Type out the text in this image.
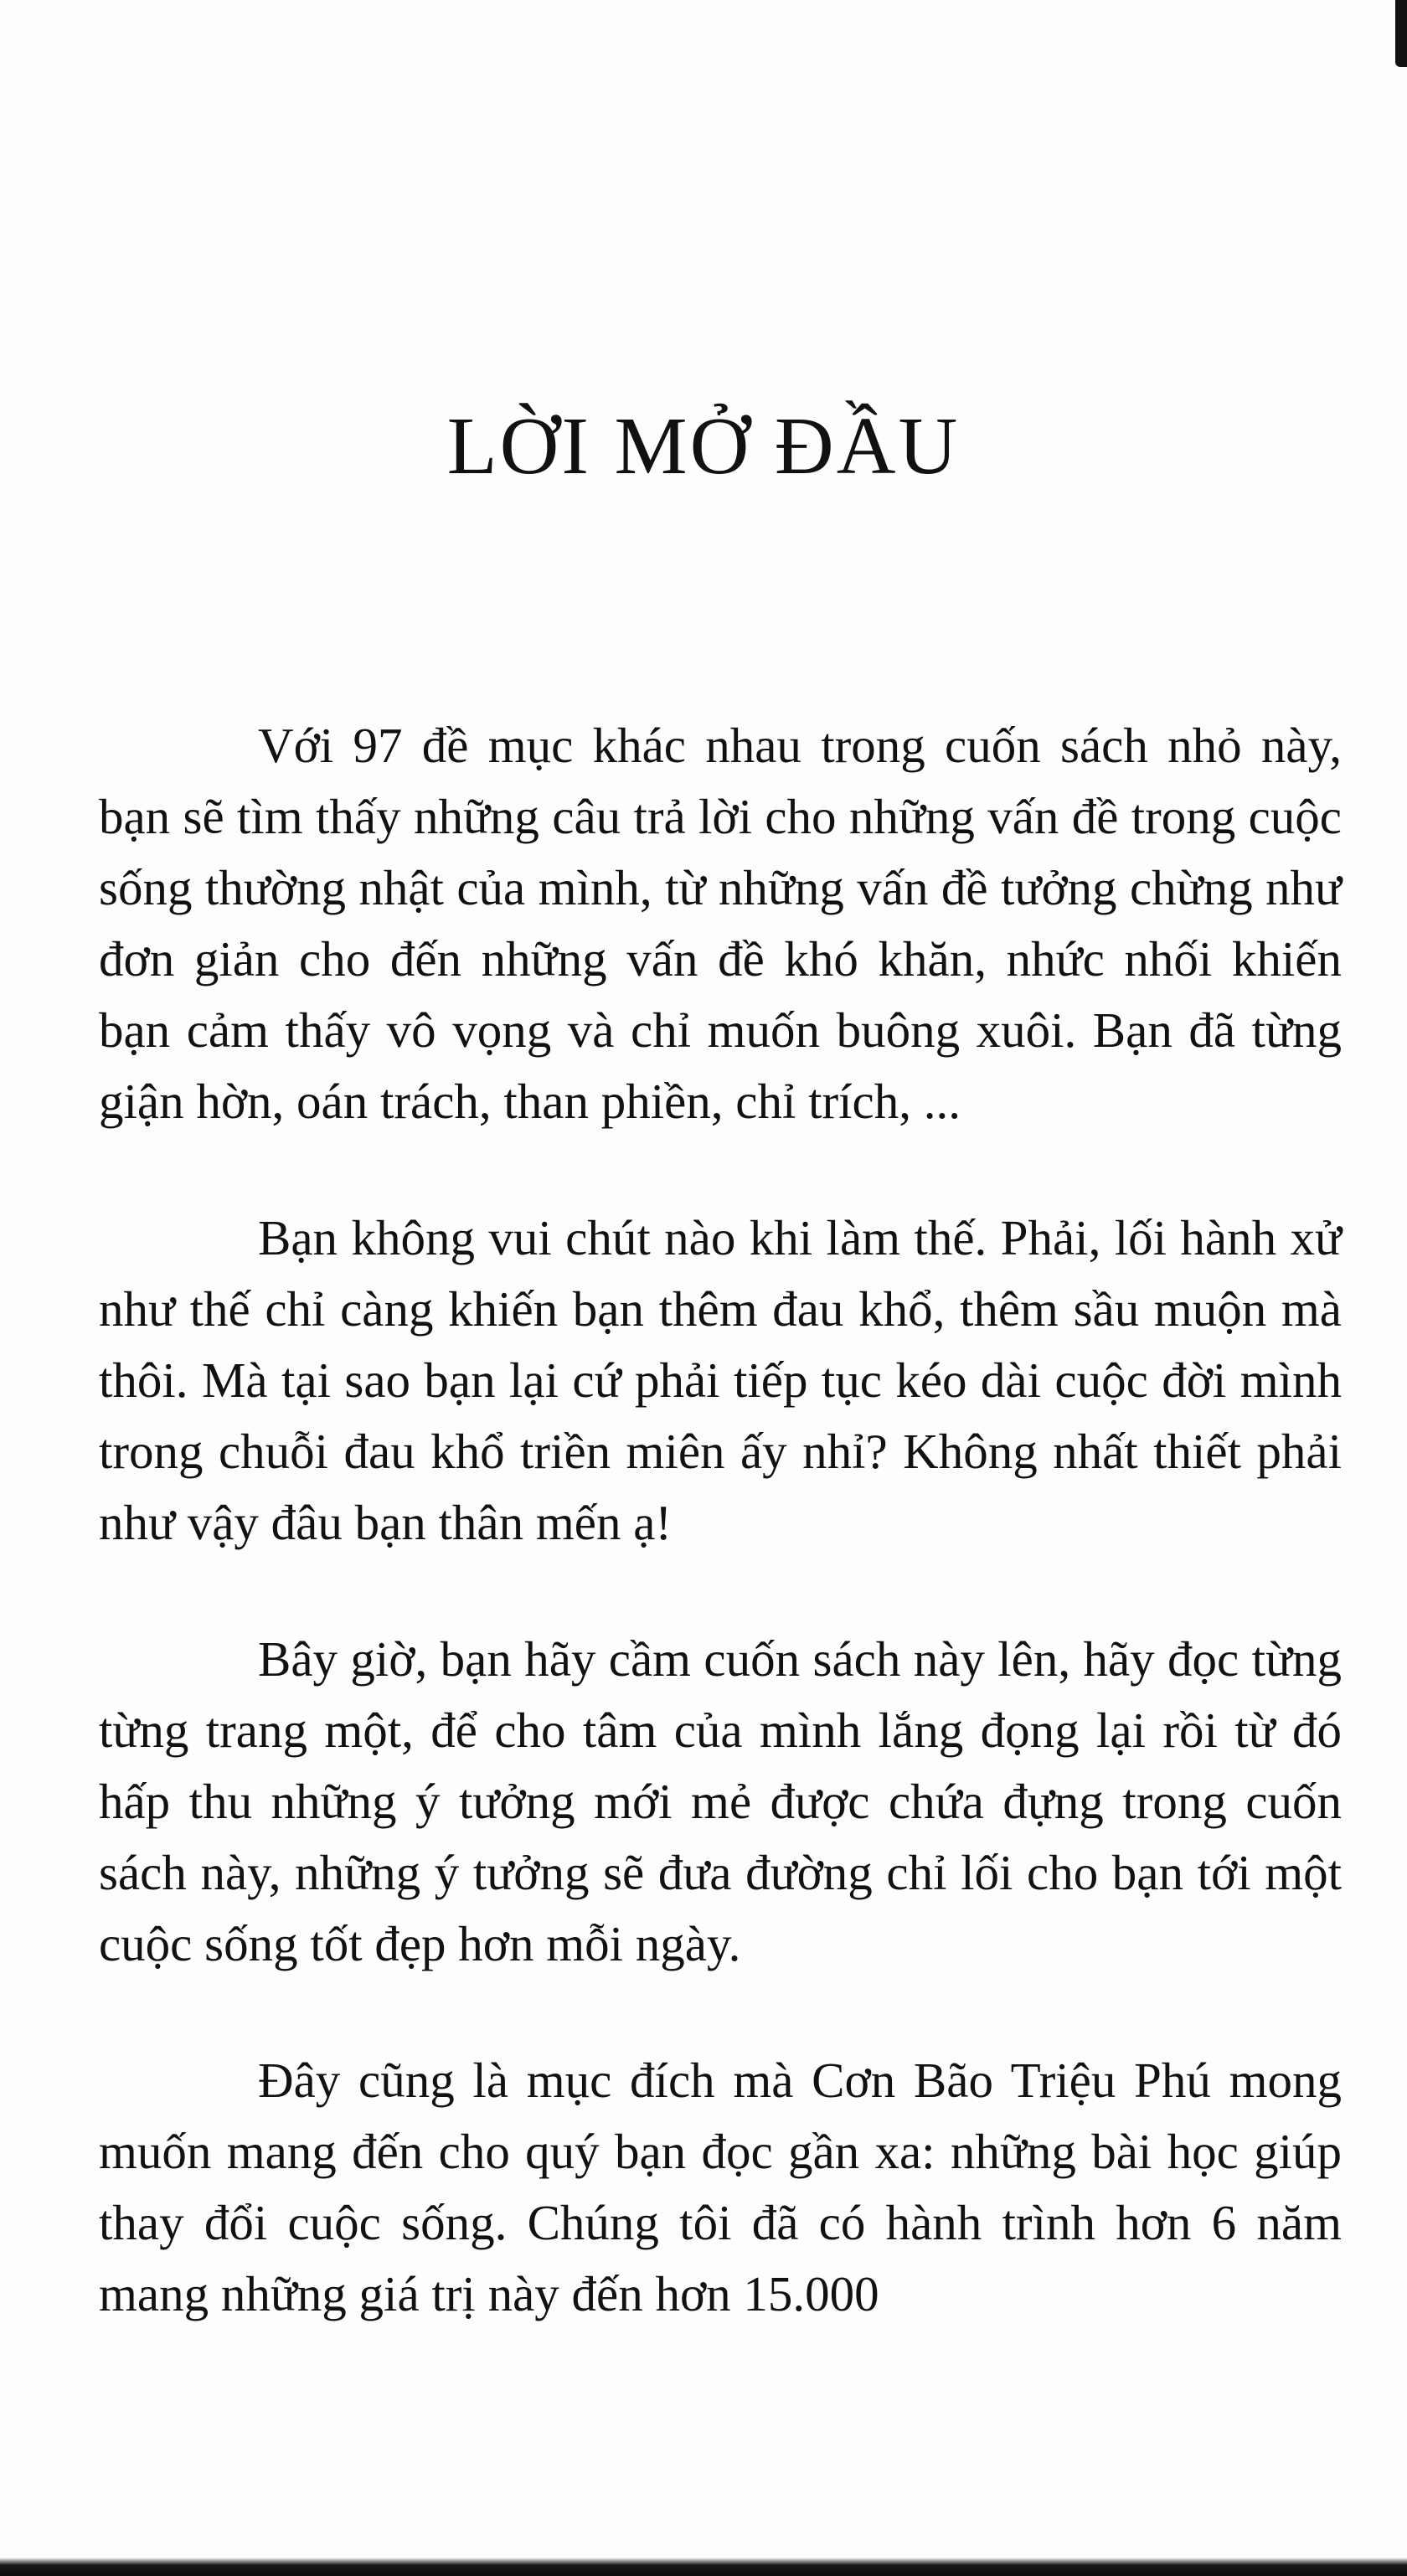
LỜI MỞ ĐẦU

Với 97 đề mục khác nhau trong cuốn sách nhỏ này, bạn sẽ tìm thấy những câu trả lời cho những vấn đề trong cuộc sống thường nhật của mình, từ những vấn đề tưởng chừng như đơn giản cho đến những vấn đề khó khăn, nhức nhối khiến bạn cảm thấy vô vọng và chỉ muốn buông xuôi. Bạn đã từng giận hờn, oán trách, than phiền, chỉ trích, ...

Bạn không vui chút nào khi làm thế. Phải, lối hành xử như thế chỉ càng khiến bạn thêm đau khổ, thêm sầu muộn mà thôi. Mà tại sao bạn lại cứ phải tiếp tục kéo dài cuộc đời mình trong chuỗi đau khổ triền miên ấy nhỉ? Không nhất thiết phải như vậy đâu bạn thân mến ạ!

Bây giờ, bạn hãy cầm cuốn sách này lên, hãy đọc từng từng trang một, để cho tâm của mình lắng đọng lại rồi từ đó hấp thu những ý tưởng mới mẻ được chứa đựng trong cuốn sách này, những ý tưởng sẽ đưa đường chỉ lối cho bạn tới một cuộc sống tốt đẹp hơn mỗi ngày.

Đây cũng là mục đích mà Cơn Bão Triệu Phú mong muốn mang đến cho quý bạn đọc gần xa: những bài học giúp thay đổi cuộc sống. Chúng tôi đã có hành trình hơn 6 năm mang những giá trị này đến hơn 15.000
